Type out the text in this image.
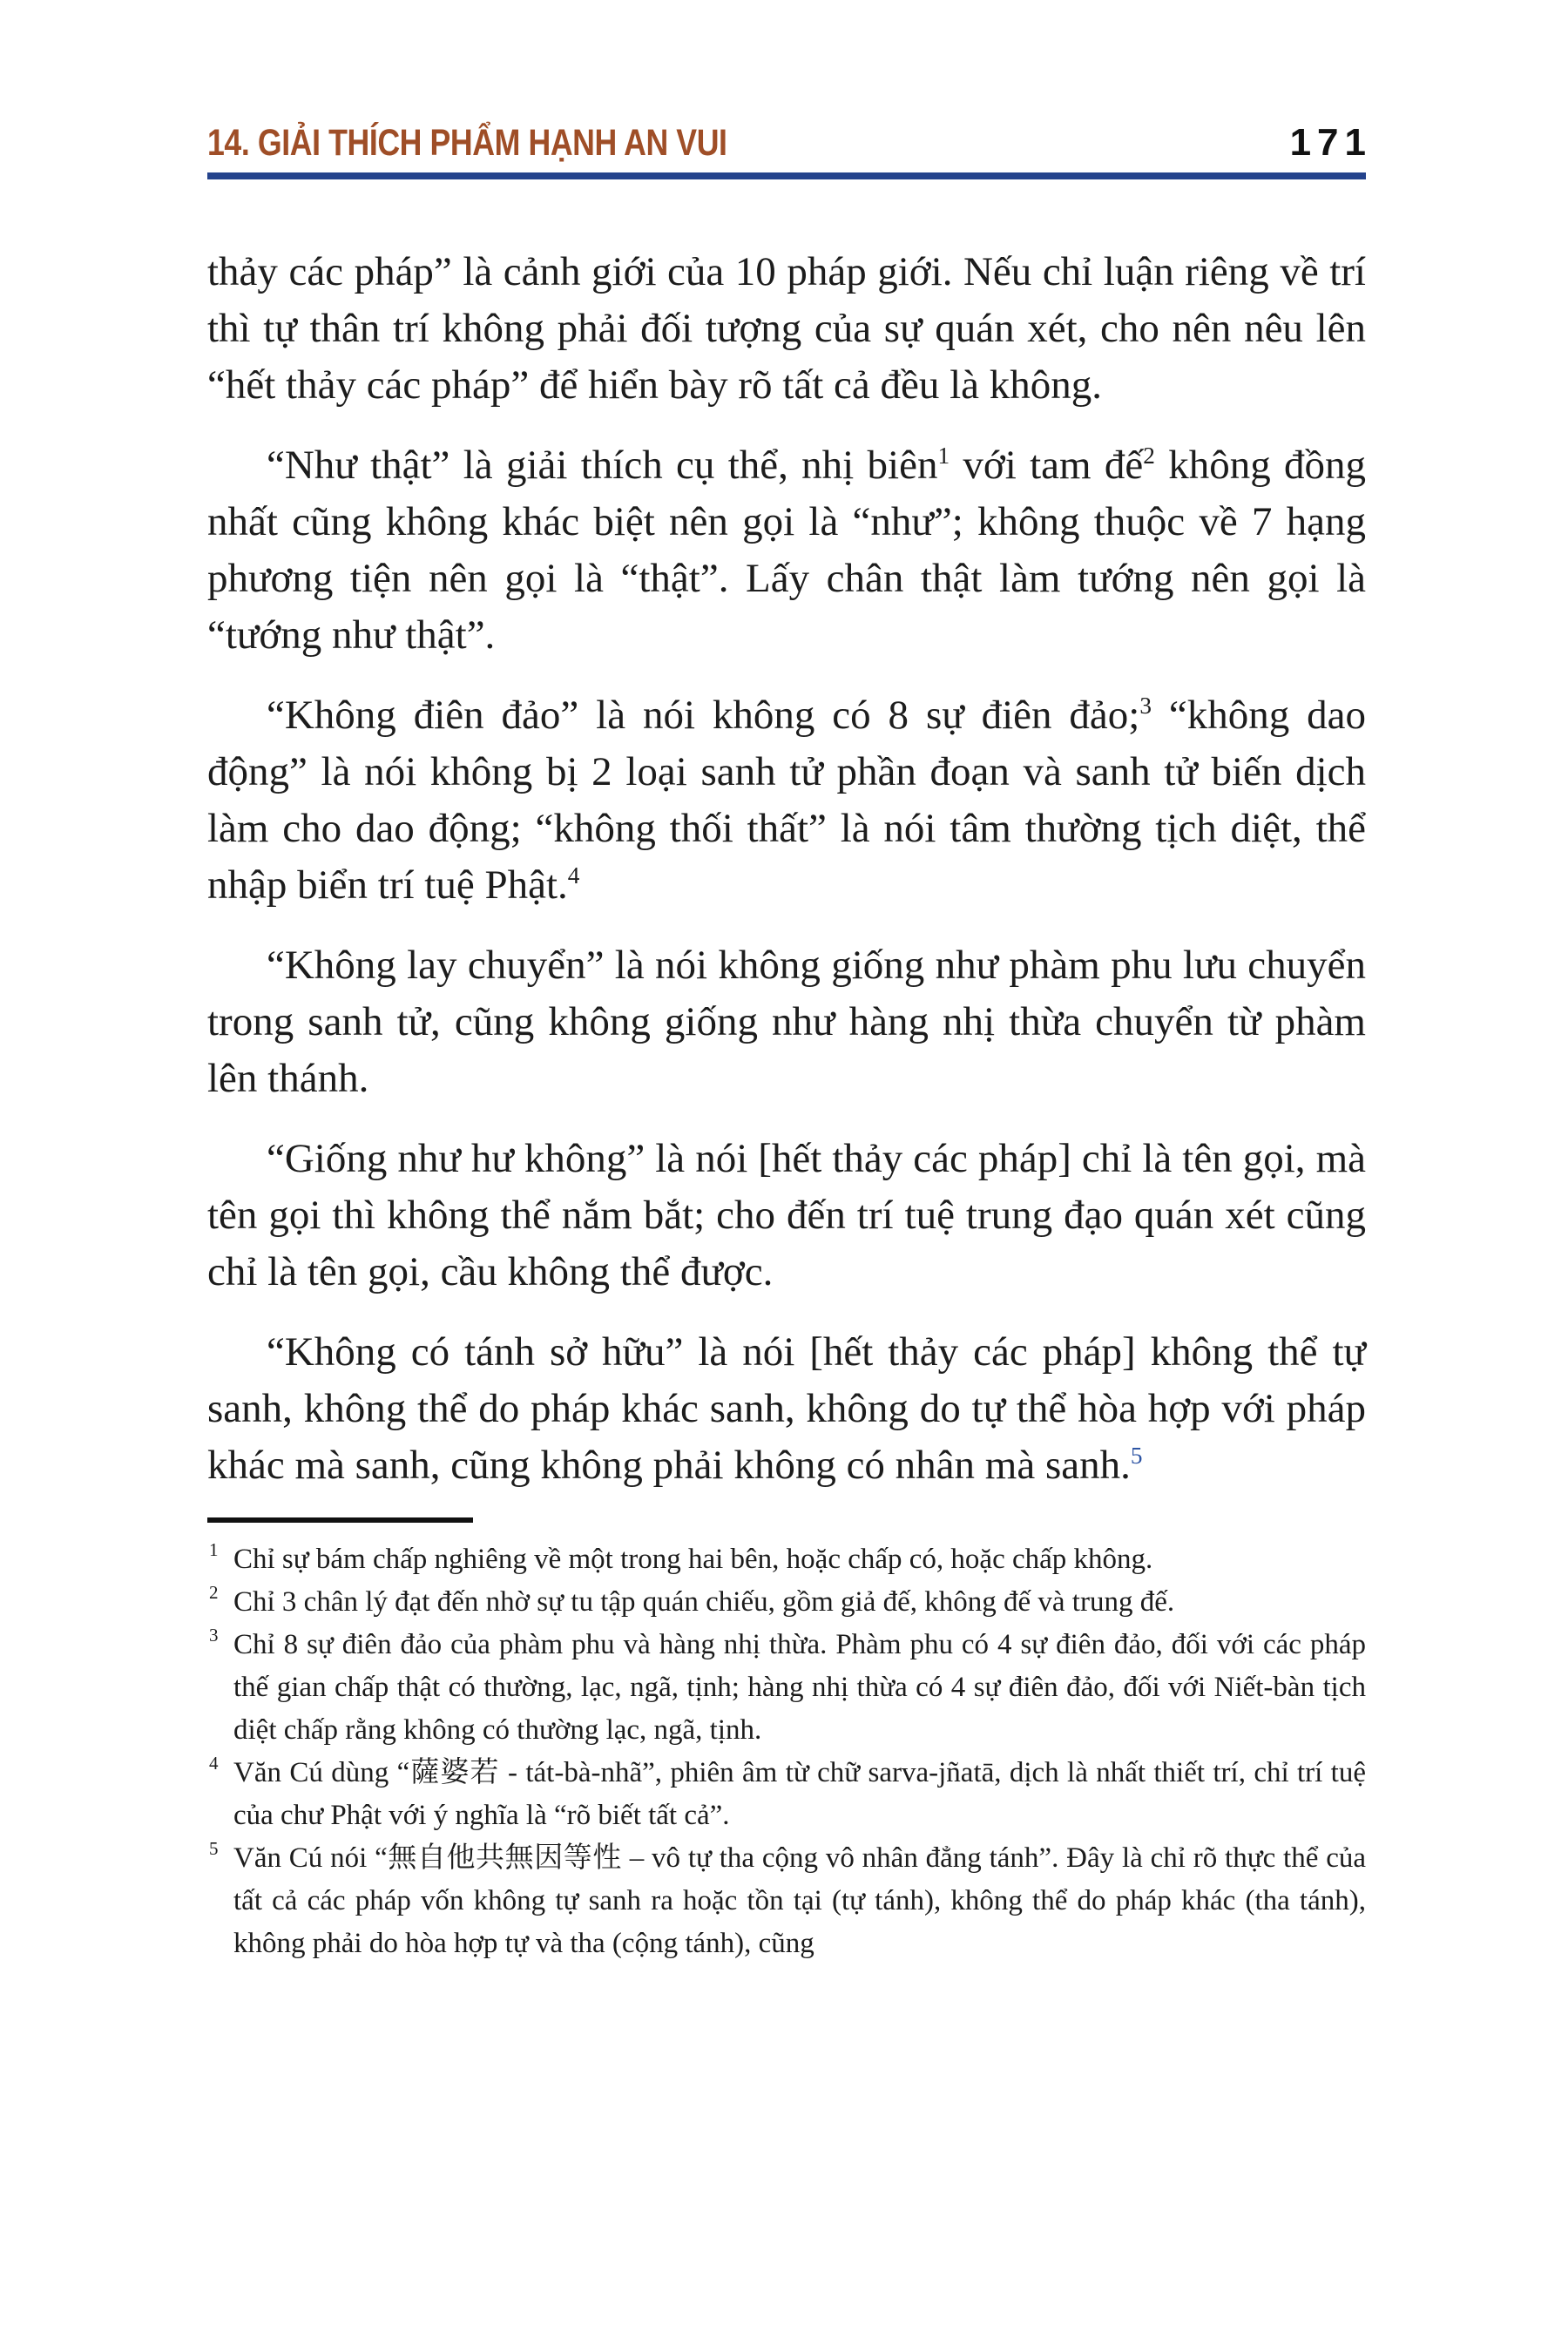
14. GIẢI THÍCH PHẨM HẠNH AN VUI	171

thảy các pháp” là cảnh giới của 10 pháp giới. Nếu chỉ luận riêng về trí thì tự thân trí không phải đối tượng của sự quán xét, cho nên nêu lên “hết thảy các pháp” để hiển bày rõ tất cả đều là không.

“Như thật” là giải thích cụ thể, nhị biên$^1$ với tam đế$^2$ không đồng nhất cũng không khác biệt nên gọi là “như”; không thuộc về 7 hạng phương tiện nên gọi là “thật”. Lấy chân thật làm tướng nên gọi là “tướng như thật”.

“Không điên đảo” là nói không có 8 sự điên đảo;$^3$ “không dao động” là nói không bị 2 loại sanh tử phần đoạn và sanh tử biến dịch làm cho dao động; “không thối thất” là nói tâm thường tịch diệt, thể nhập biển trí tuệ Phật.$^4$

“Không lay chuyển” là nói không giống như phàm phu lưu chuyển trong sanh tử, cũng không giống như hàng nhị thừa chuyển từ phàm lên thánh.

“Giống như hư không” là nói [hết thảy các pháp] chỉ là tên gọi, mà tên gọi thì không thể nắm bắt; cho đến trí tuệ trung đạo quán xét cũng chỉ là tên gọi, cầu không thể được.

“Không có tánh sở hữu” là nói [hết thảy các pháp] không thể tự sanh, không thể do pháp khác sanh, không do tự thể hòa hợp với pháp khác mà sanh, cũng không phải không có nhân mà sanh.$^5$

1 Chỉ sự bám chấp nghiêng về một trong hai bên, hoặc chấp có, hoặc chấp không.
2 Chỉ 3 chân lý đạt đến nhờ sự tu tập quán chiếu, gồm giả đế, không đế và trung đế.
3 Chỉ 8 sự điên đảo của phàm phu và hàng nhị thừa. Phàm phu có 4 sự điên đảo, đối với các pháp thế gian chấp thật có thường, lạc, ngã, tịnh; hàng nhị thừa có 4 sự điên đảo, đối với Niết-bàn tịch diệt chấp rằng không có thường lạc, ngã, tịnh.
4 Văn Cú dùng “薩婆若 - tát-bà-nhã”, phiên âm từ chữ sarva-jñatā, dịch là nhất thiết trí, chỉ trí tuệ của chư Phật với ý nghĩa là “rõ biết tất cả”.
5 Văn Cú nói “無自他共無因等性 – vô tự tha cộng vô nhân đẳng tánh”. Đây là chỉ rõ thực thể của tất cả các pháp vốn không tự sanh ra hoặc tồn tại (tự tánh), không thể do pháp khác (tha tánh), không phải do hòa hợp tự và tha (cộng tánh), cũng
